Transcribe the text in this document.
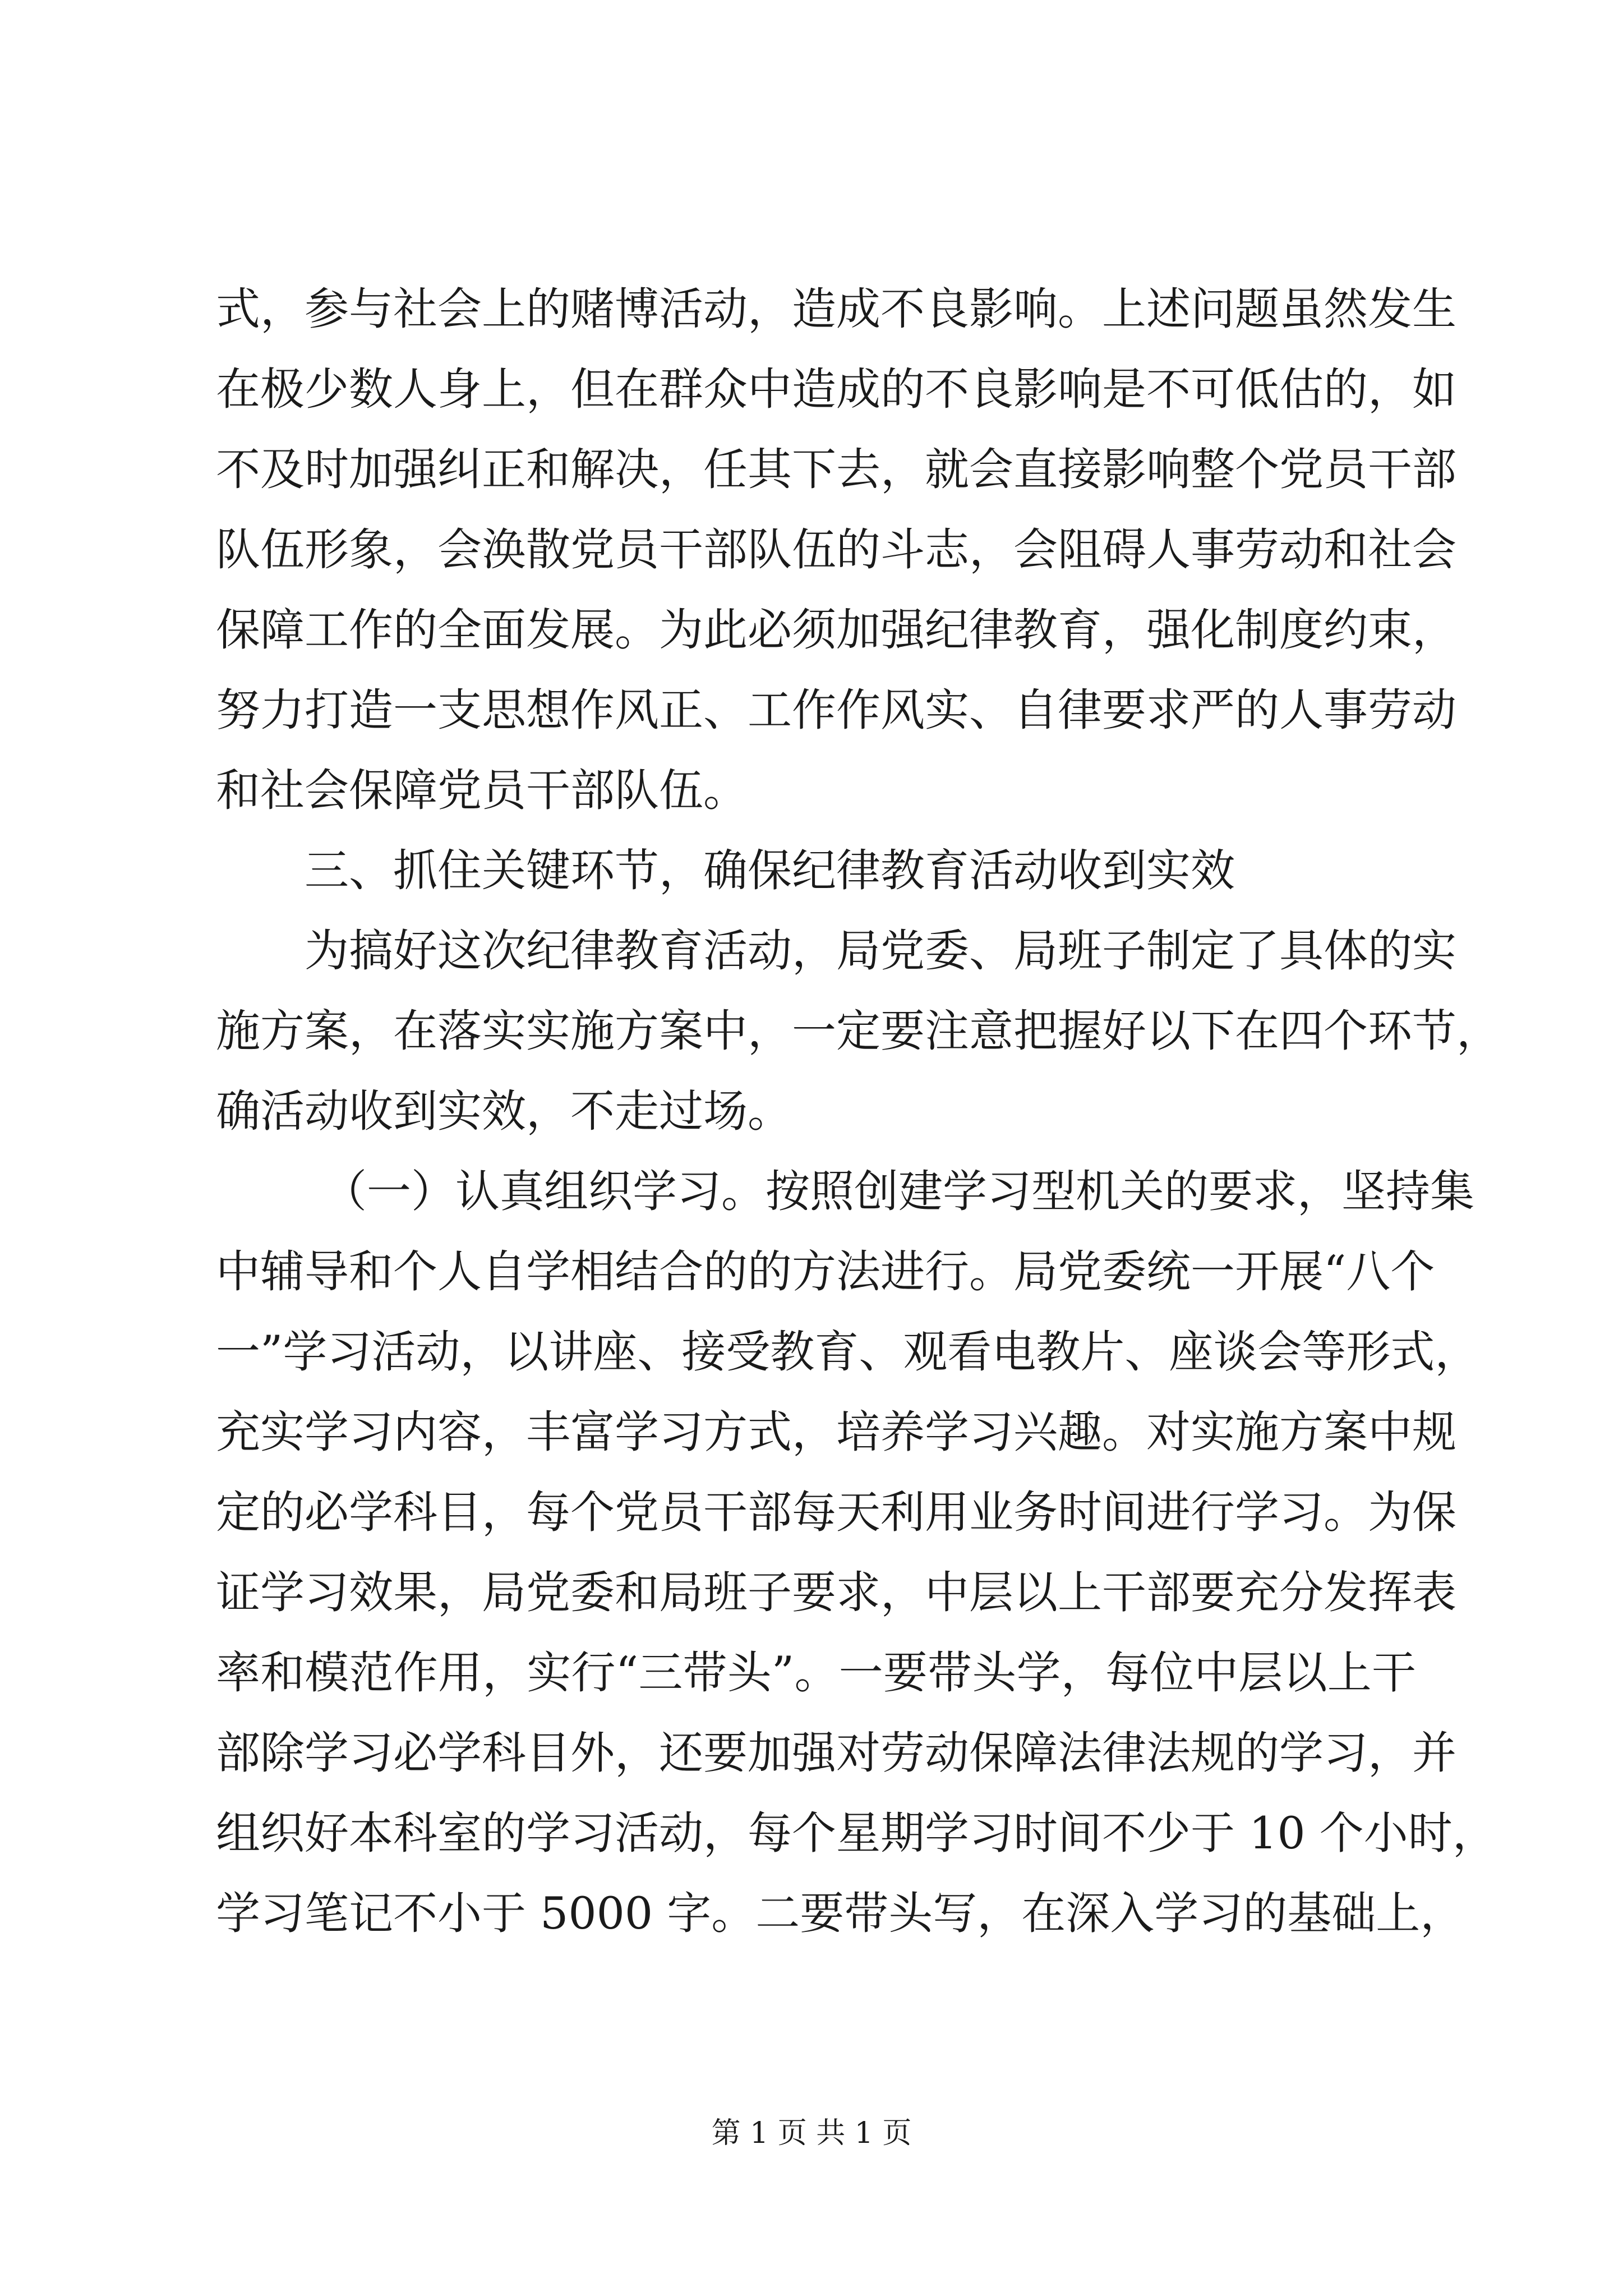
式，参与社会上的赌博活动，造成不良影响。上述问题虽然发生
在极少数人身上，但在群众中造成的不良影响是不可低估的，如
不及时加强纠正和解决，任其下去，就会直接影响整个党员干部
队伍形象，会涣散党员干部队伍的斗志，会阻碍人事劳动和社会
保障工作的全面发展。为此必须加强纪律教育，强化制度约束，
努力打造一支思想作风正、工作作风实、自律要求严的人事劳动
和社会保障党员干部队伍。
三、抓住关键环节，确保纪律教育活动收到实效
为搞好这次纪律教育活动，局党委、局班子制定了具体的实
施方案，在落实实施方案中，一定要注意把握好以下在四个环节，
确活动收到实效，不走过场。
（一）认真组织学习。按照创建学习型机关的要求，坚持集
中辅导和个人自学相结合的的方法进行。局党委统一开展“八个
一”学习活动，以讲座、接受教育、观看电教片、座谈会等形式，
充实学习内容，丰富学习方式，培养学习兴趣。对实施方案中规
定的必学科目，每个党员干部每天利用业务时间进行学习。为保
证学习效果，局党委和局班子要求，中层以上干部要充分发挥表
率和模范作用，实行“三带头”。一要带头学，每位中层以上干
部除学习必学科目外，还要加强对劳动保障法律法规的学习，并
组织好本科室的学习活动，每个星期学习时间不少于 10 个小时，
学习笔记不小于 5000 字。二要带头写，在深入学习的基础上，
第 1 页 共 1 页
